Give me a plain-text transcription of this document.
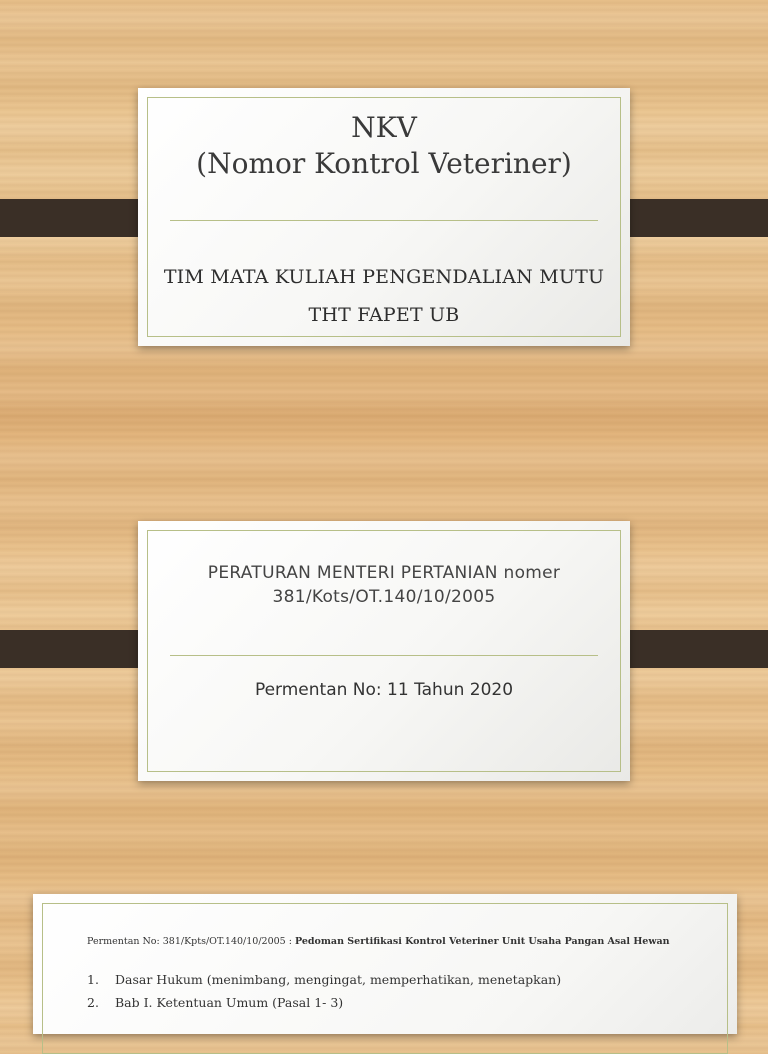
NKV
(Nomor Kontrol Veteriner)
TIM MATA KULIAH PENGENDALIAN MUTU
THT FAPET UB
PERATURAN MENTERI PERTANIAN nomer
381/Kots/OT.140/10/2005
Permentan No: 11 Tahun 2020
Permentan No: 381/Kpts/OT.140/10/2005 : Pedoman Sertifikasi Kontrol Veteriner Unit Usaha Pangan Asal Hewan
1. Dasar Hukum (menimbang, mengingat, memperhatikan, menetapkan)
2. Bab I. Ketentuan Umum (Pasal 1- 3)
